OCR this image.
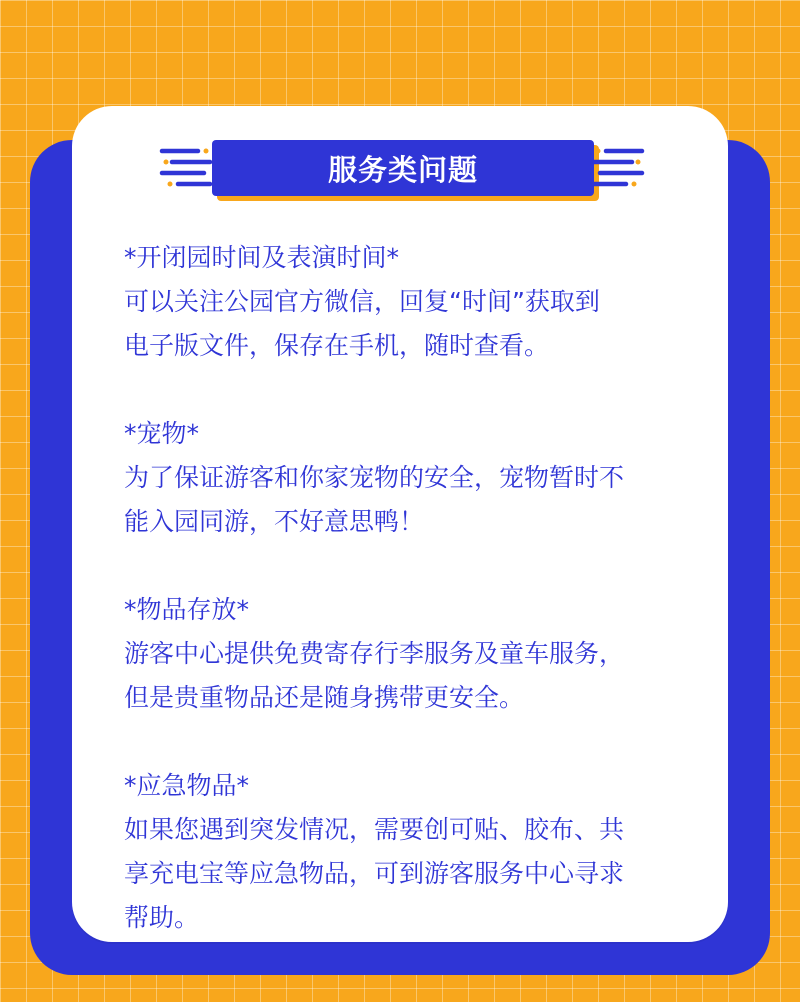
服务类问题
*开闭园时间及表演时间*
可以关注公园官方微信，回复“时间”获取到
电子版文件，保存在手机，随时查看。
*宠物*
为了保证游客和你家宠物的安全，宠物暂时不
能入园同游，不好意思鸭！
*物品存放*
游客中心提供免费寄存行李服务及童车服务，
但是贵重物品还是随身携带更安全。
*应急物品*
如果您遇到突发情况，需要创可贴、胶布、共
享充电宝等应急物品，可到游客服务中心寻求
帮助。
